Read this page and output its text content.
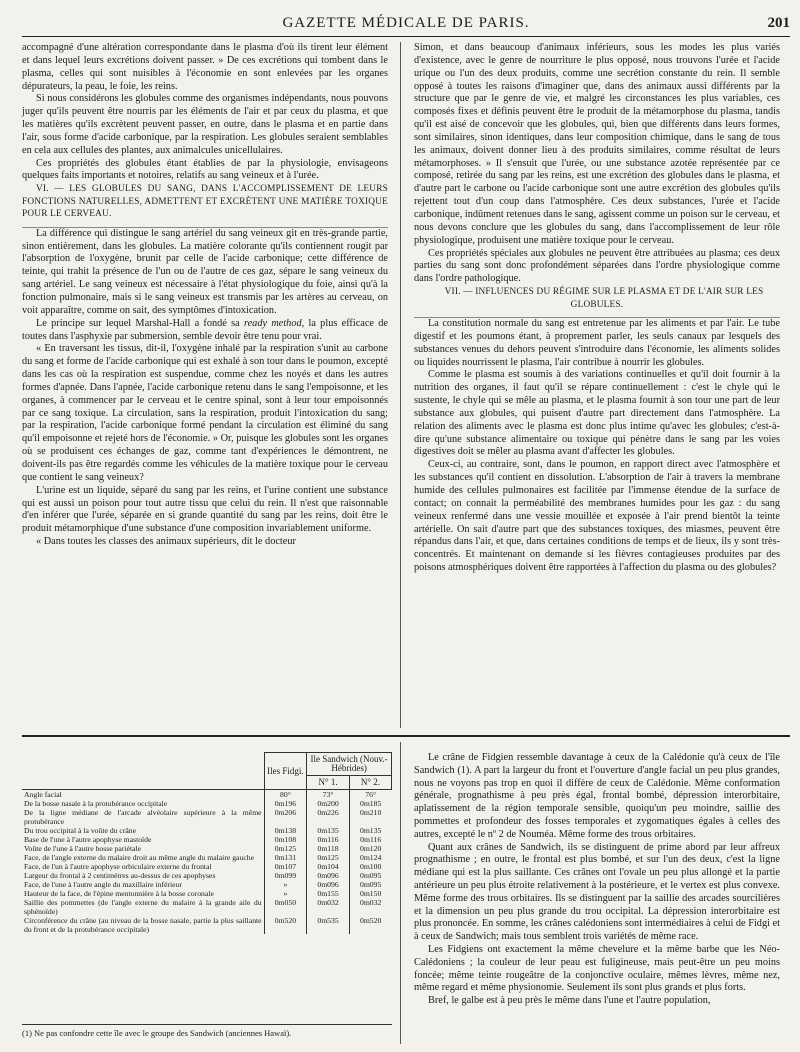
GAZETTE MÉDICALE DE PARIS.	201

accompagné d'une altération correspondante dans le plasma d'où ils tirent leur élément et dans lequel leurs excrétions doivent passer. » De ces excrétions qui tombent dans le plasma, celles qui sont nuisibles à l'économie en sont enlevées par les organes dépurateurs, la peau, le foie, les reins.

Si nous considérons les globules comme des organismes indépendants, nous pouvons juger qu'ils peuvent être nourris par les éléments de l'air et par ceux du plasma, et que les matières qu'ils excrètent peuvent passer, en outre, dans le plasma et en partie dans l'air, sous forme d'acide carbonique, par la respiration. Les globules seraient semblables en cela aux cellules des plantes, aux animalcules unicellulaires.

Ces propriétés des globules étant établies de par la physiologie, envisageons quelques faits importants et notoires, relatifs au sang veineux et à l'urée.

VI. — LES GLOBULES DU SANG, DANS L'ACCOMPLISSEMENT DE LEURS FONCTIONS NATURELLES, ADMETTENT ET EXCRÈTENT UNE MATIÈRE TOXIQUE POUR LE CERVEAU.

La différence qui distingue le sang artériel du sang veineux git en très-grande partie, sinon entièrement, dans les globules. La matière colorante qu'ils contiennent rougit par l'absorption de l'oxygène, brunit par celle de l'acide carbonique; cette différence de teinte, qui trahit la présence de l'un ou de l'autre de ces gaz, sépare le sang veineux du sang artériel. Le sang veineux est nécessaire à l'état physiologique du foie, ainsi qu'à la fonction pulmonaire, mais si le sang veineux est transmis par les artères au cerveau, on voit apparaître, comme on sait, des symptômes d'intoxication.

Le principe sur lequel Marshal-Hall a fondé sa ready method, la plus efficace de toutes dans l'asphyxie par submersion, semble devoir être tenu pour vrai.

« En traversant les tissus, dit-il, l'oxygène inhalé par la respiration s'unit au carbone du sang et forme de l'acide carbonique qui est exhalé à son tour dans le poumon, excepté dans les cas où la respiration est suspendue, comme chez les noyés et dans les autres formes d'apnée. Dans l'apnée, l'acide carbonique retenu dans le sang l'empoisonne, et les organes, à commencer par le cerveau et le centre spinal, sont à leur tour empoisonnés par ce sang toxique. La circulation, sans la respiration, produit l'intoxication du sang; par la respiration, l'acide carbonique formé pendant la circulation est éliminé du sang qu'il empoisonne et rejeté hors de l'économie. » Or, puisque les globules sont les organes où se produisent ces échanges de gaz, comme tant d'expériences le démontrent, ne doivent-ils pas être regardés comme les véhicules de la matière toxique pour le cerveau que contient le sang veineux?

L'urine est un liquide, séparé du sang par les reins, et l'urine contient une substance qui est aussi un poison pour tout autre tissu que celui du rein. Il n'est que raisonnable d'en inférer que l'urée, séparée en si grande quantité du sang par les reins, doit être le produit métamorphique d'une substance d'une composition invariablement uniforme.

« Dans toutes les classes des animaux supérieurs, dit le docteur

Simon, et dans beaucoup d'animaux inférieurs, sous les modes les plus variés d'existence, avec le genre de nourriture le plus opposé, nous trouvons l'urée et l'acide urique ou l'un des deux produits, comme une secrétion constante du rein. Il semble opposé à toutes les raisons d'imaginer que, dans des animaux aussi différents par la structure que par le genre de vie, et malgré les circonstances les plus variables, ces composés fixes et définis peuvent être le produit de la métamorphose du plasma, tandis qu'il est aisé de concevoir que les globules, qui, bien que différents dans leurs formes, sont similaires, sinon identiques, dans leur composition chimique, dans le sang de tous les animaux, doivent donner lieu à des produits similaires, comme résultat de leurs métamorphoses. » Il s'ensuit que l'urée, ou une substance azotée représentée par ce composé, retirée du sang par les reins, est une excrétion des globules dans le plasma, et d'autre part le carbone ou l'acide carbonique sont une autre excrétion des globules qu'ils rejettent tout d'un coup dans l'atmosphère. Ces deux substances, l'urée et l'acide carbonique, indûment retenues dans le sang, agissent comme un poison sur le cerveau, et nous devons conclure que les globules du sang, dans l'accomplissement de leur rôle physiologique, produisent une matière toxique pour le cerveau.

Ces propriétés spéciales aux globules ne peuvent être attribuées au plasma; ces deux parties du sang sont donc profondément séparées dans l'ordre physiologique comme dans l'ordre pathologique.

VII. — INFLUENCES DU RÉGIME SUR LE PLASMA ET DE L'AIR SUR LES GLOBULES.

La constitution normale du sang est entretenue par les aliments et par l'air. Le tube digestif et les poumons étant, à proprement parler, les seuls canaux par lesquels des substances venues du dehors peuvent s'introduire dans l'économie, les aliments solides ou liquides nourrissent le plasma, l'air contribue à nourrir les globules.

Comme le plasma est soumis à des variations continuelles et qu'il doit fournir à la nutrition des organes, il faut qu'il se répare continuellement : c'est le chyle qui le sustente, le chyle qui se mêle au plasma, et le plasma fournit à son tour une part de leur substance aux globules, qui puisent d'autre part directement dans l'atmosphère. La relation des aliments avec le plasma est donc plus intime qu'avec les globules; c'est-à-dire qu'une substance alimentaire ou toxique qui pénètre dans le sang par les voies digestives doit se mêler au plasma avant d'affecter les globules.

Ceux-ci, au contraire, sont, dans le poumon, en rapport direct avec l'atmosphère et les substances qu'il contient en dissolution. L'absorption de l'air à travers la membrane humide des cellules pulmonaires est facilitée par l'immense étendue de la surface de contact; on connait la perméabilité des membranes humides pour les gaz : du sang veineux renfermé dans une vessie mouillée et exposée à l'air prend bientôt la teinte artérielle. On sait d'autre part que des substances toxiques, des miasmes, peuvent être répandus dans l'air, et que, dans certaines conditions de temps et de lieux, ils y sont très-concentrés. Et maintenant on demande si les fièvres contagieuses produites par des poisons atmosphériques doivent être rapportées à l'affection du plasma ou des globules?

	Iles Fidgi.	Ile Sandwich (Nouv.-Hébrides)	
		N° 1.	N° 2.
Angle facial	80°	73°	76°
De la bosse nasale à la protubérance occipitale	0m196	0m200	0m185
De la ligne médiane de l'arcade alvéolaire supérieure à la même protubérance	0m206	0m226	0m210
Du trou occipital à la voûte du crâne	0m138	0m135	0m135
Base de l'une à l'autre apophyse mastoïde	0m108	0m116	0m116
Voûte de l'une à l'autre bosse pariétale	0m125	0m118	0m120
Face, de l'angle externe du malaire droit au même angle du malaire gauche	0m131	0m125	0m124
Face, de l'un à l'autre apophyse orbiculaire externe du frontal	0m107	0m104	0m100
Largeur du frontal à 2 centimètres au-dessus de ces apophyses	0m099	0m096	0m095
Face, de l'une à l'autre angle du maxillaire inférieur	»	0m096	0m095
Hauteur de la face, de l'épine mentonnière à la bosse coronale	»	0m155	0m150
Saillie des pommettes (de l'angle externe du malaire à la grande aile du sphénoïde)	0m050	0m032	0m032
Circonférence du crâne (au niveau de la bosse nasale, partie la plus saillante du front et de la protubérance occipitale)	0m520	0m535	0m520
(1) Ne pas confondre cette île avec le groupe des Sandwich (anciennes Hawaï).

Le crâne de Fidgien ressemble davantage à ceux de la Calédonie qu'à ceux de l'île Sandwich (1). A part la largeur du front et l'ouverture d'angle facial un peu plus grandes, nous ne voyons pas trop en quoi il diffère de ceux de Calédonie. Même conformation générale, prognathisme à peu près égal, frontal bombé, dépression interorbitaire, aplatissement de la région temporale sensible, quoiqu'un peu moindre, saillie des pommettes et profondeur des fosses temporales et zygomatiques égales à celles des autres, excepté le nº 2 de Nouméa. Même forme des trous orbitaires.

Quant aux crânes de Sandwich, ils se distinguent de prime abord par leur affreux prognathisme ; en outre, le frontal est plus bombé, et sur l'un des deux, c'est la ligne médiane qui est la plus saillante. Ces crânes ont l'ovale un peu plus allongé et la partie antérieure un peu plus étroite relativement à la postérieure, et le vertex est plus convexe. Même forme des trous orbitaires. Ils se distinguent par la saillie des arcades sourcilières et la dimension un peu plus grande du trou occipital. La dépression interorbitaire est plus prononcée. En somme, les crânes calédoniens sont intermédiaires à celui de Fidgi et à ceux de Sandwich; mais tous semblent trois variétés de même race.

Les Fidgiens ont exactement la même chevelure et la même barbe que les Néo-Calédoniens ; la couleur de leur peau est fuligineuse, mais peut-être un peu moins foncée; même teinte rougeâtre de la conjonctive oculaire, mêmes lèvres, même nez, même regard et même physionomie. Seulement ils sont plus grands et plus forts.

Bref, le galbe est à peu près le même dans l'une et l'autre population,
